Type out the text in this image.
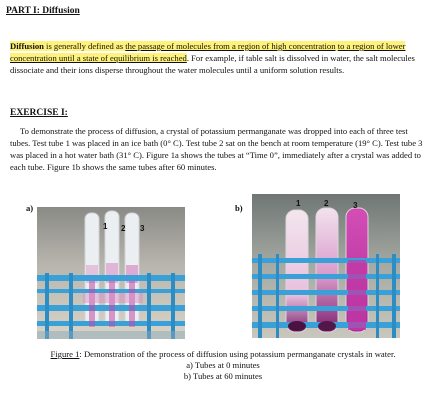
PART I: Diffusion
Diffusion is generally defined as the passage of molecules from a region of high concentration to a region of lower concentration until a state of equilibrium is reached. For example, if table salt is dissolved in water, the salt molecules dissociate and their ions disperse throughout the water molecules until a uniform solution results.
EXERCISE I:
To demonstrate the process of diffusion, a crystal of potassium permanganate was dropped into each of three test tubes. Test tube 1 was placed in an ice bath (0° C). Test tube 2 sat on the bench at room temperature (19° C). Test tube 3 was placed in a hot water bath (31° C). Figure 1a shows the tubes at “Time 0”, immediately after a crystal was added to each tube. Figure 1b shows the same tubes after 60 minutes.
a)
1 2 3
b)	1	2	3
Figure 1: Demonstration of the process of diffusion using potassium permanganate crystals in water.
a) Tubes at 0 minutes
b) Tubes at 60 minutes
